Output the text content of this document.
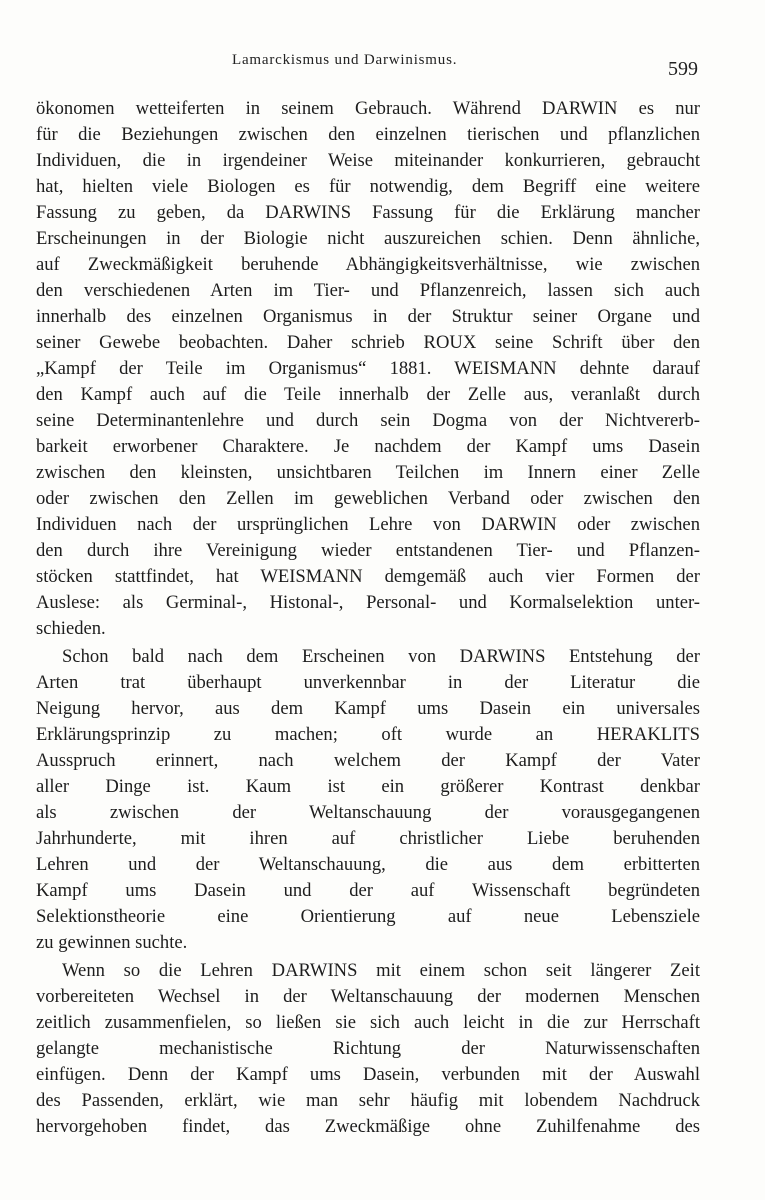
Lamarckismus und Darwinismus.	599
ökonomen wetteiferten in seinem Gebrauch. Während DARWIN es nur
für die Beziehungen zwischen den einzelnen tierischen und pflanzlichen
Individuen, die in irgendeiner Weise miteinander konkurrieren, gebraucht
hat, hielten viele Biologen es für notwendig, dem Begriff eine weitere
Fassung zu geben, da DARWINS Fassung für die Erklärung mancher
Erscheinungen in der Biologie nicht auszureichen schien. Denn ähnliche,
auf Zweckmäßigkeit beruhende Abhängigkeitsverhältnisse, wie zwischen
den verschiedenen Arten im Tier- und Pflanzenreich, lassen sich auch
innerhalb des einzelnen Organismus in der Struktur seiner Organe und
seiner Gewebe beobachten. Daher schrieb ROUX seine Schrift über den
„Kampf der Teile im Organismus“ 1881. WEISMANN dehnte darauf
den Kampf auch auf die Teile innerhalb der Zelle aus, veranlaßt durch
seine Determinantenlehre und durch sein Dogma von der Nichtvererb-
barkeit erworbener Charaktere. Je nachdem der Kampf ums Dasein
zwischen den kleinsten, unsichtbaren Teilchen im Innern einer Zelle
oder zwischen den Zellen im geweblichen Verband oder zwischen den
Individuen nach der ursprünglichen Lehre von DARWIN oder zwischen
den durch ihre Vereinigung wieder entstandenen Tier- und Pflanzen-
stöcken stattfindet, hat WEISMANN demgemäß auch vier Formen der
Auslese: als Germinal-, Histonal-, Personal- und Kormalselektion unter-
schieden.
Schon bald nach dem Erscheinen von DARWINS Entstehung der
Arten trat überhaupt unverkennbar in der Literatur die
Neigung hervor, aus dem Kampf ums Dasein ein universales
Erklärungsprinzip zu machen; oft wurde an HERAKLITS
Ausspruch erinnert, nach welchem der Kampf der Vater
aller Dinge ist. Kaum ist ein größerer Kontrast denkbar
als zwischen der Weltanschauung der vorausgegangenen
Jahrhunderte, mit ihren auf christlicher Liebe beruhenden
Lehren und der Weltanschauung, die aus dem erbitterten
Kampf ums Dasein und der auf Wissenschaft begründeten
Selektionstheorie eine Orientierung auf neue Lebensziele
zu gewinnen suchte.
Wenn so die Lehren DARWINS mit einem schon seit längerer Zeit
vorbereiteten Wechsel in der Weltanschauung der modernen Menschen
zeitlich zusammenfielen, so ließen sie sich auch leicht in die zur Herrschaft
gelangte mechanistische Richtung der Naturwissenschaften
einfügen. Denn der Kampf ums Dasein, verbunden mit der Auswahl
des Passenden, erklärt, wie man sehr häufig mit lobendem Nachdruck
hervorgehoben findet, das Zweckmäßige ohne Zuhilfenahme des
